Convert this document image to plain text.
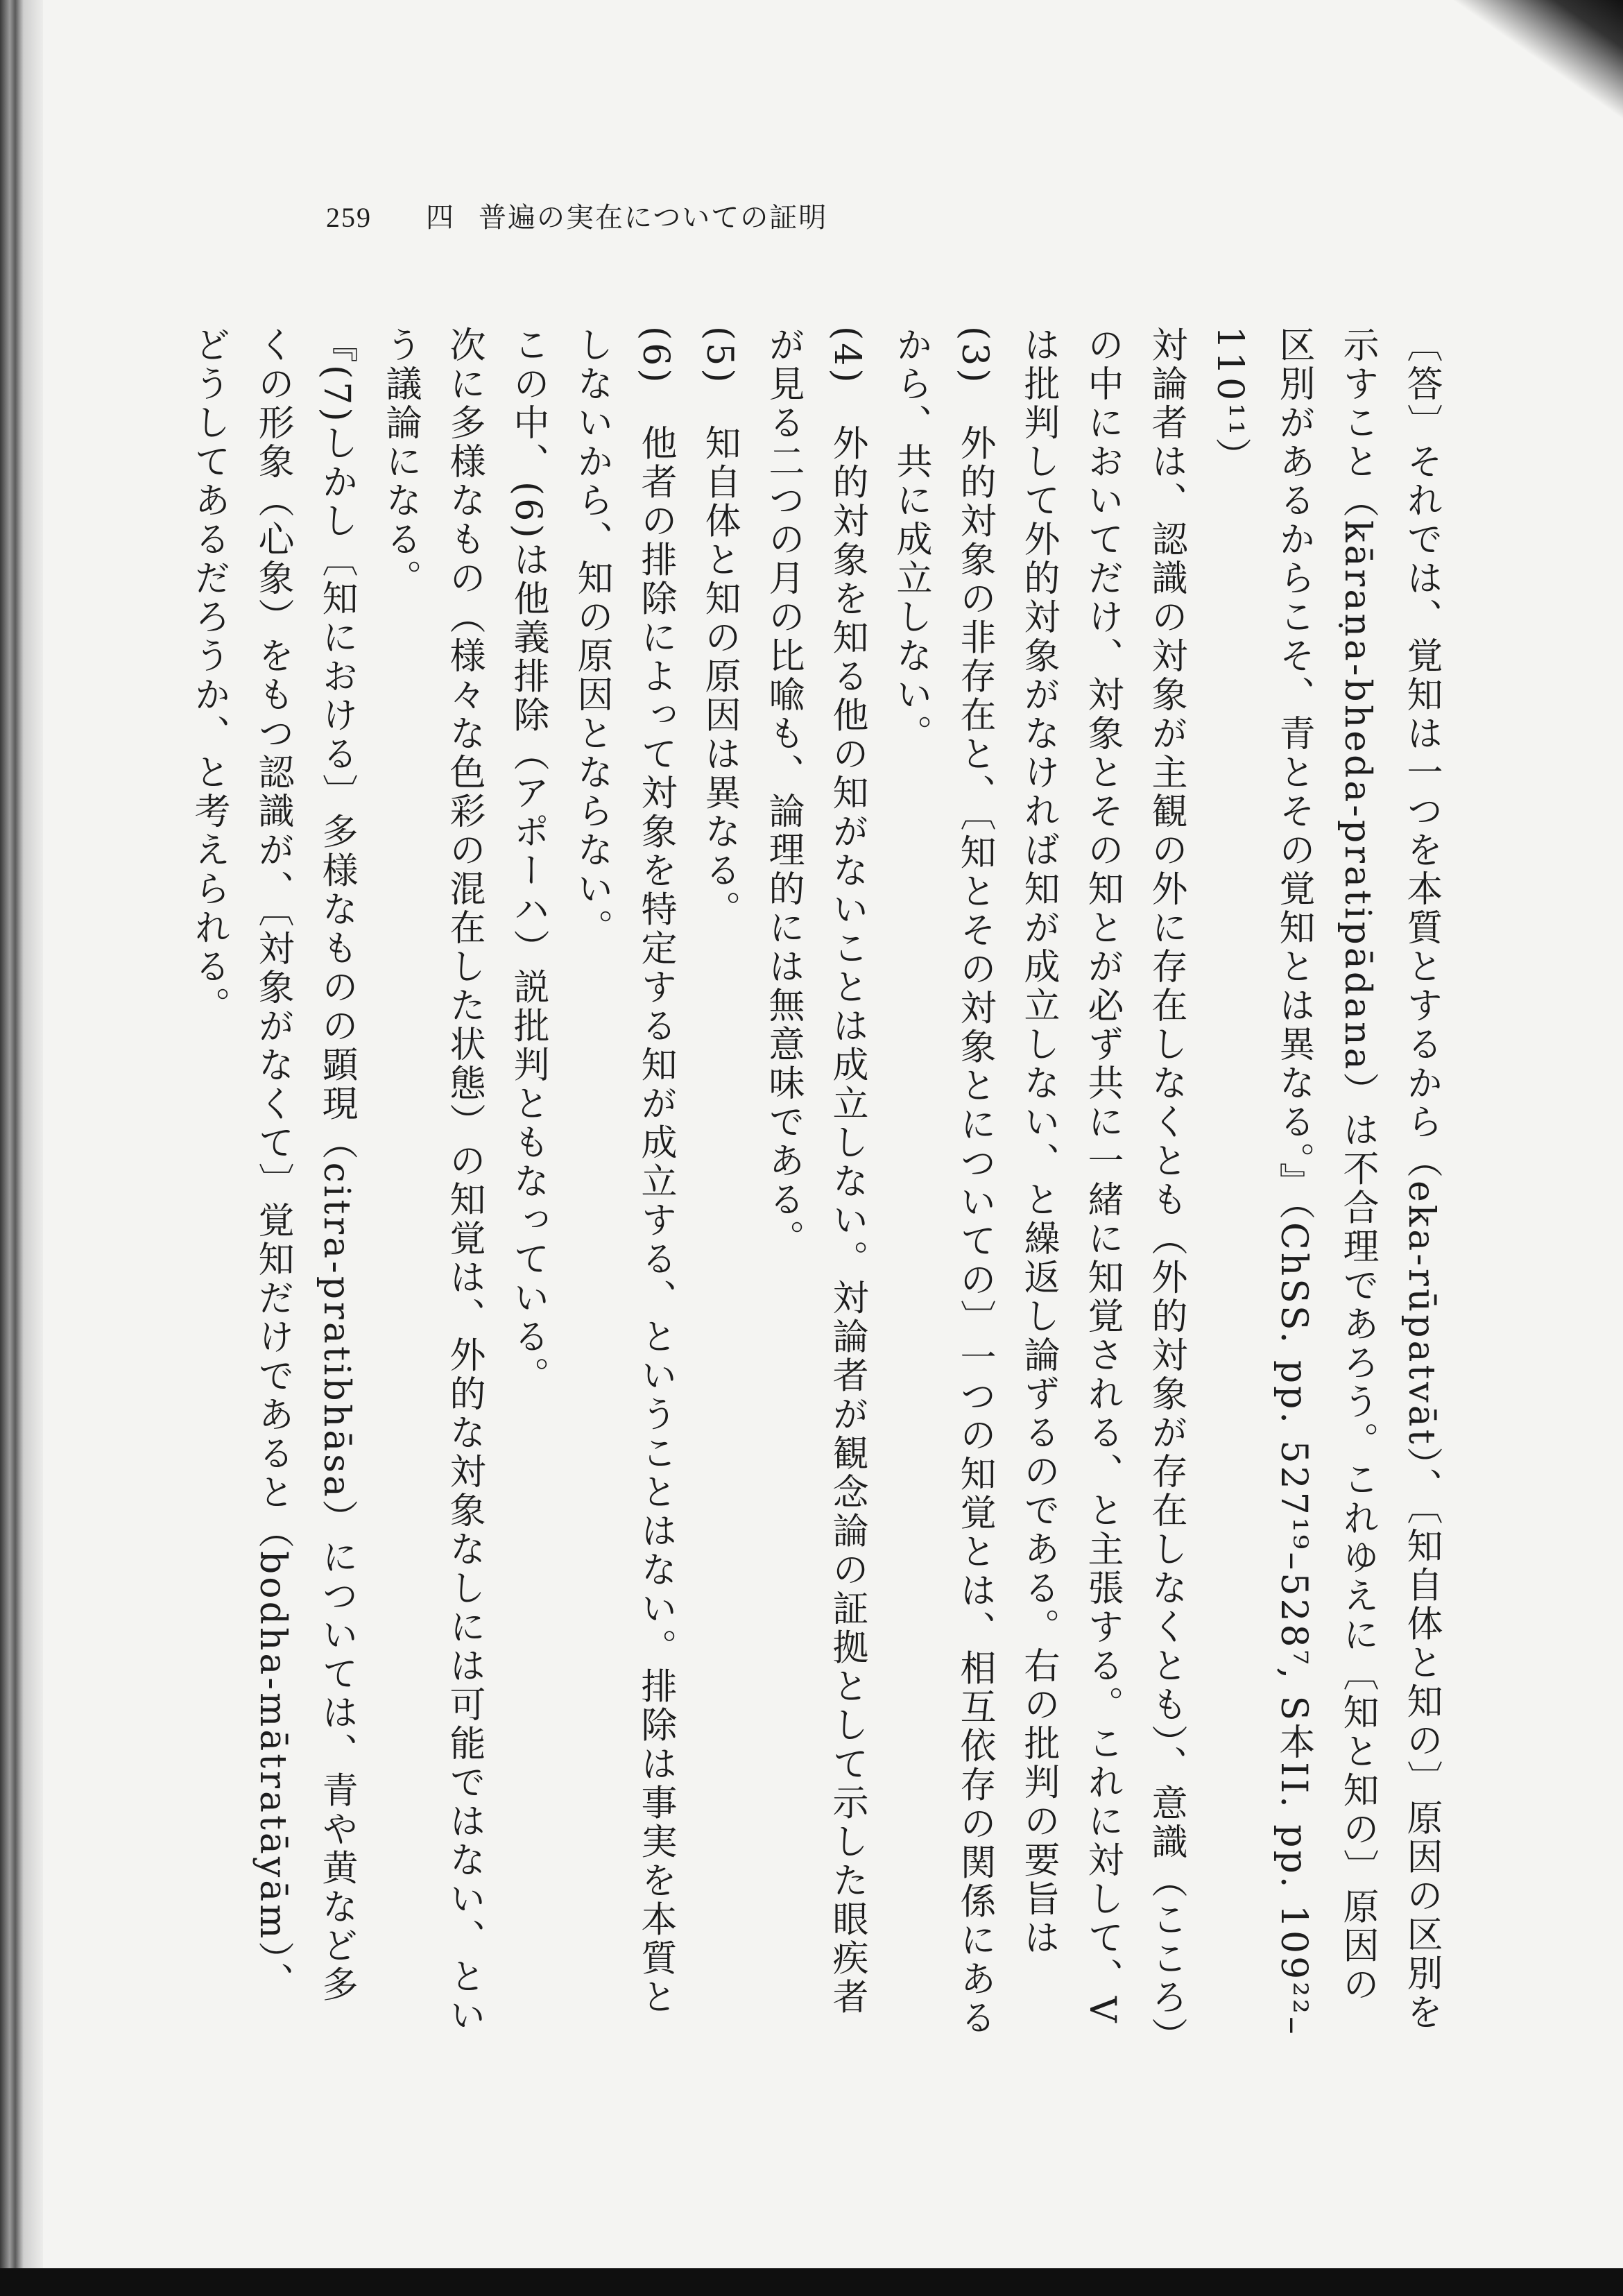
259 四 普遍の実在についての証明

〔答〕それでは、覚知は一つを本質とするから（eka-rūpatvāt）、〔知自体と知の〕原因の区別を示すこと（kāraṇa-bheda-pratipādana）は不合理であろう。これゆえに〔知と知の〕原因の区別があるからこそ、青とその覚知とは異なる。』（ChSS. pp. 527¹⁹–528⁷, S本II. pp. 109²²–110¹¹）

対論者は、認識の対象が主観の外に存在しなくとも（外的対象が存在しなくとも）、意識（こころ）の中においてだけ、対象とその知とが必ず共に一緒に知覚される、と主張する。これに対して、Vは批判して外的対象がなければ知が成立しない、と繰返し論ずるのである。右の批判の要旨は

(3)　外的対象の非存在と、〔知とその対象とについての〕一つの知覚とは、相互依存の関係にあるから、共に成立しない。

(4)　外的対象を知る他の知がないことは成立しない。対論者が観念論の証拠として示した眼疾者が見る二つの月の比喩も、論理的には無意味である。

(5)　知自体と知の原因は異なる。

(6)　他者の排除によって対象を特定する知が成立する、ということはない。排除は事実を本質としないから、知の原因とならない。

この中、(6)は他義排除（アポーハ）説批判ともなっている。

次に多様なもの（様々な色彩の混在した状態）の知覚は、外的な対象なしには可能ではない、という議論になる。

『(7)しかし〔知における〕多様なものの顕現（citra-pratibhāsa）については、青や黄など多くの形象（心象）をもつ認識が、〔対象がなくて〕覚知だけであると（bodha-mātratāyām）、どうしてあるだろうか、と考えられる。
